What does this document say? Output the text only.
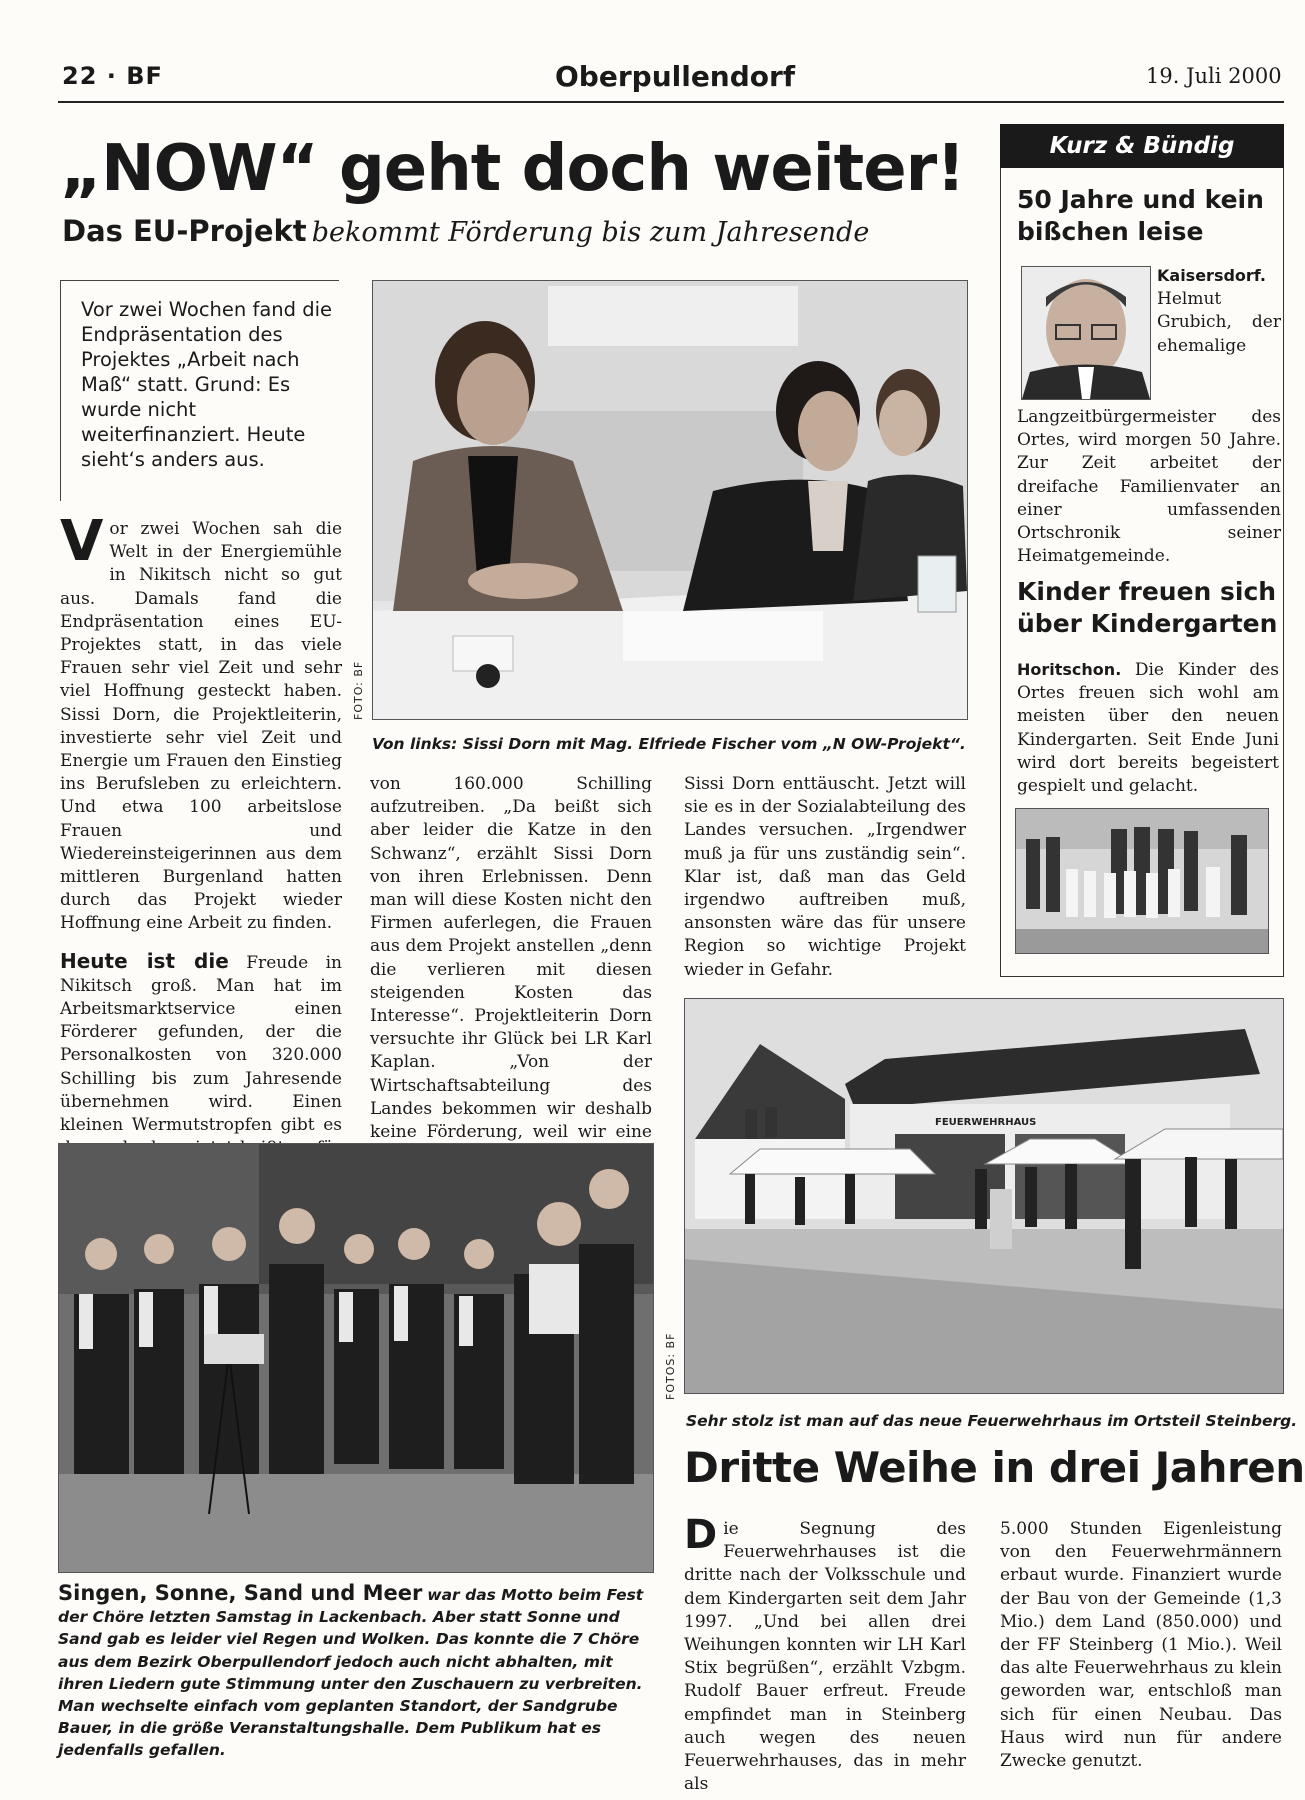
22 · BF	Oberpullendorf	19. Juli 2000
„NOW“ geht doch weiter!
Das EU-Projekt bekommt Förderung bis zum Jahresende
Vor zwei Wochen fand die Endpräsentation des Projektes „Arbeit nach Maß“ statt. Grund: Es wurde nicht weiterfinanziert. Heute sieht‘s anders aus.
FOTO: BF
Von links: Sissi Dorn mit Mag. Elfriede Fischer vom „N OW-Projekt“.

Vor zwei Wochen sah die Welt in der Energiemühle in Nikitsch nicht so gut aus. Damals fand die Endpräsentation eines EU-Projektes statt, in das viele Frauen sehr viel Zeit und sehr viel Hoffnung gesteckt haben. Sissi Dorn, die Projektleiterin, investierte sehr viel Zeit und Energie um Frauen den Einstieg ins Berufsleben zu erleichtern. Und etwa 100 arbeitslose Frauen und Wiedereinsteigerinnen aus dem mittleren Burgenland hatten durch das Projekt wieder Hoffnung eine Arbeit zu finden.

Heute ist die Freude in Nikitsch groß. Man hat im Arbeitsmarktservice einen Förderer gefunden, der die Personalkosten von 320.000 Schilling bis zum Jahresende übernehmen wird. Einen kleinen Wermutstropfen gibt es

von 160.000 Schilling aufzutreiben. „Da beißt sich aber leider die Katze in den Schwanz“, erzählt Sissi Dorn von ihren Erlebnissen. Denn man will diese Kosten nicht den Firmen auferlegen, die Frauen aus dem Projekt anstellen „denn die verlieren mit diesen steigenden Kosten das Interesse“. Projektleiterin Dorn versuchte ihr Glück bei LR Karl Kaplan. „Von der Wirtschaftsabteilung des Landes bekommen wir deshalb keine Förderung, weil wir eine

Sissi Dorn enttäuscht. Jetzt will sie es in der Sozialabteilung des Landes versuchen. „Irgendwer muß ja für uns zuständig sein“. Klar ist, daß man das Geld irgendwo auftreiben muß, ansonsten wäre das für unsere Region so wichtige Projekt wieder in Gefahr.

Kurz & Bündig
50 Jahre und kein bißchen leise
Kaisersdorf. Helmut Grubich, der ehemalige Langzeitbürgermeister des Ortes, wird morgen 50 Jahre. Zur Zeit arbeitet der dreifache Familienvater an einer umfassenden Ortschronik seiner Heimatgemeinde.
Kinder freuen sich über Kindergarten
Horitschon. Die Kinder des Ortes freuen sich wohl am meisten über den neuen Kindergarten. Seit Ende Juni wird dort bereits begeistert gespielt und gelacht.
FOTOS: BF
Singen, Sonne, Sand und Meer war das Motto beim Fest der Chöre letzten Samstag in Lackenbach. Aber statt Sonne und Sand gab es leider viel Regen und Wolken. Das konnte die 7 Chöre aus dem Bezirk Oberpullendorf jedoch auch nicht abhalten, mit ihren Liedern gute Stimmung unter den Zuschauern zu verbreiten. Man wechselte einfach vom geplanten Standort, der Sandgrube Bauer, in die größe Veranstaltungshalle. Dem Publikum hat es jedenfalls gefallen.
FEUERWEHRHAUS
Sehr stolz ist man auf das neue Feuerwehrhaus im Ortsteil Steinberg.
Dritte Weihe in drei Jahren

Die Segnung des Feuerwehrhauses ist die dritte nach der Volksschule und dem Kindergarten seit dem Jahr 1997. „Und bei allen drei Weihungen konnten wir LH Karl Stix begrüßen“, erzählt Vzbgm. Rudolf Bauer erfreut. Freude empfindet man in Steinberg auch wegen des neuen Feuerwehrhauses, das in mehr als

5.000 Stunden Eigenleistung von den Feuerwehrmännern erbaut wurde. Finanziert wurde der Bau von der Gemeinde (1,3 Mio.) dem Land (850.000) und der FF Steinberg (1 Mio.). Weil das alte Feuerwehrhaus zu klein geworden war, entschloß man sich für einen Neubau. Das Haus wird nun für andere Zwecke genutzt.
